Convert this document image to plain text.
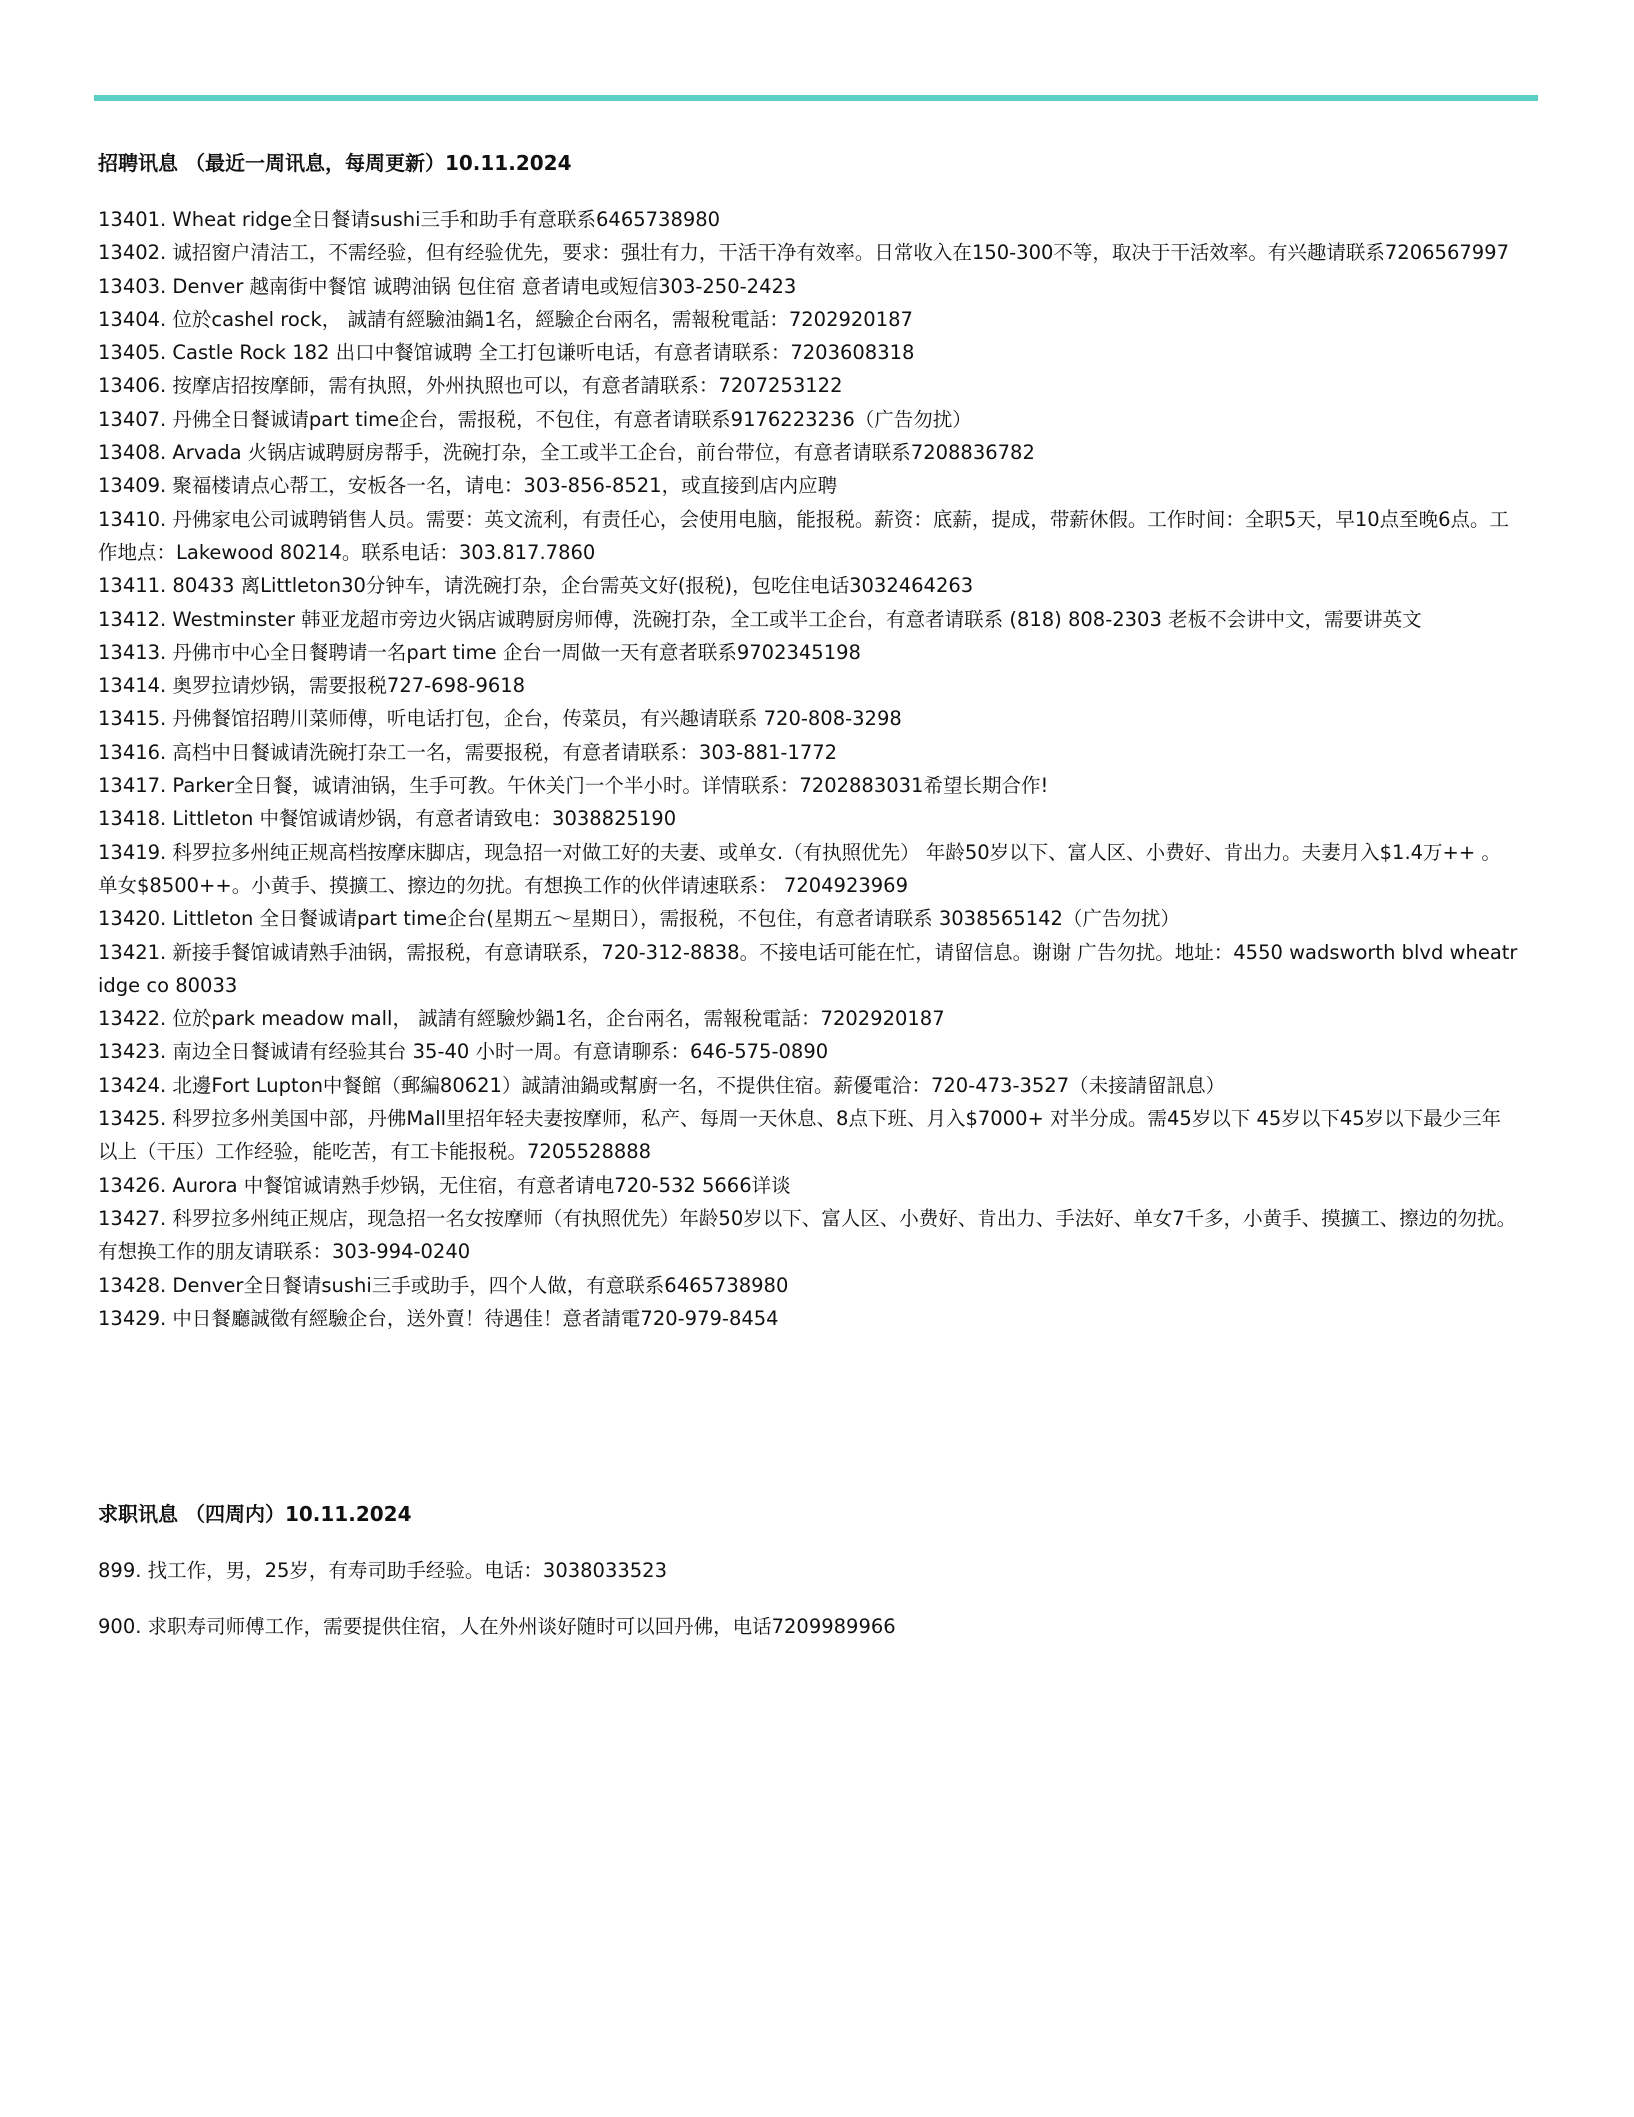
招聘讯息 （最近一周讯息，每周更新）10.11.2024
13401. Wheat ridge全日餐请sushi三手和助手有意联系6465738980
13402. 诚招窗户清洁工，不需经验，但有经验优先，要求：强壮有力，干活干净有效率。日常收入在150-300不等，取决于干活效率。有兴趣请联系7206567997
13403. Denver 越南街中餐馆 诚聘油锅 包住宿 意者请电或短信303-250-2423
13404. 位於cashel rock， 誠請有經驗油鍋1名，經驗企台兩名，需報稅電話：7202920187
13405. Castle Rock 182 出口中餐馆诚聘 全工打包谦听电话，有意者请联系：7203608318
13406. 按摩店招按摩師，需有执照，外州执照也可以，有意者請联系：7207253122
13407. 丹佛全日餐诚请part time企台，需报税，不包住，有意者请联系9176223236（广告勿扰）
13408. Arvada 火锅店诚聘厨房帮手，洗碗打杂，全工或半工企台，前台带位，有意者请联系7208836782
13409. 聚福楼请点心帮工，安板各一名，请电：303-856-8521，或直接到店内应聘
13410. 丹佛家电公司诚聘销售人员。需要：英文流利，有责任心，会使用电脑，能报税。薪资：底薪，提成，带薪休假。工作时间：全职5天，早10点至晚6点。工作地点：Lakewood 80214。联系电话：303.817.7860
13411. 80433 离Littleton30分钟车，请洗碗打杂，企台需英文好(报税)，包吃住电话3032464263
13412. Westminster 韩亚龙超市旁边火锅店诚聘厨房师傅，洗碗打杂，全工或半工企台，有意者请联系 (818) 808-2303 老板不会讲中文，需要讲英文
13413. 丹佛市中心全日餐聘请一名part time 企台一周做一天有意者联系9702345198
13414. 奥罗拉请炒锅，需要报税727-698-9618
13415. 丹佛餐馆招聘川菜师傅，听电话打包，企台，传菜员，有兴趣请联系 720-808-3298
13416. 高档中日餐诚请洗碗打杂工一名，需要报税，有意者请联系：303-881-1772
13417. Parker全日餐，诚请油锅，生手可教。午休关门一个半小时。详情联系：7202883031希望长期合作!
13418. Littleton 中餐馆诚请炒锅，有意者请致电：3038825190
13419. 科罗拉多州纯正规高档按摩床脚店，现急招一对做工好的夫妻、或单女.（有执照优先） 年龄50岁以下、富人区、小费好、肯出力。夫妻月入$1.4万++ 。单女$8500++。小黄手、摸擴工、擦边的勿扰。有想换工作的伙伴请速联系： 7204923969
13420. Littleton 全日餐诚请part time企台(星期五～星期日），需报税，不包住，有意者请联系 3038565142（广告勿扰）
13421. 新接手餐馆诚请熟手油锅，需报税，有意请联系，720-312-8838。不接电话可能在忙，请留信息。谢谢 广告勿扰。地址：4550 wadsworth blvd wheatridge co 80033
13422. 位於park meadow mall， 誠請有經驗炒鍋1名，企台兩名，需報稅電話：7202920187
13423. 南边全日餐诚请有经验其台 35-40 小时一周。有意请聊系：646-575-0890
13424. 北邊Fort Lupton中餐館（郵編80621）誠請油鍋或幫廚一名，不提供住宿。薪優電洽：720-473-3527（未接請留訊息）
13425. 科罗拉多州美国中部，丹佛Mall里招年轻夫妻按摩师，私产、每周一天休息、8点下班、月入$7000+ 对半分成。需45岁以下 45岁以下45岁以下最少三年以上（干压）工作经验，能吃苦，有工卡能报税。7205528888
13426. Aurora 中餐馆诚请熟手炒锅，无住宿，有意者请电720-532 5666详谈
13427. 科罗拉多州纯正规店，现急招一名女按摩师（有执照优先）年龄50岁以下、富人区、小费好、肯出力、手法好、单女7千多，小黄手、摸擴工、擦边的勿扰。有想换工作的朋友请联系：303-994-0240
13428. Denver全日餐请sushi三手或助手，四个人做，有意联系6465738980
13429. 中日餐廳誠徵有經驗企台，送外賣！待遇佳！意者請電720-979-8454
求职讯息 （四周内）10.11.2024
899. 找工作，男，25岁，有寿司助手经验。电话：3038033523
900. 求职寿司师傅工作，需要提供住宿，人在外州谈好随时可以回丹佛，电话7209989966
